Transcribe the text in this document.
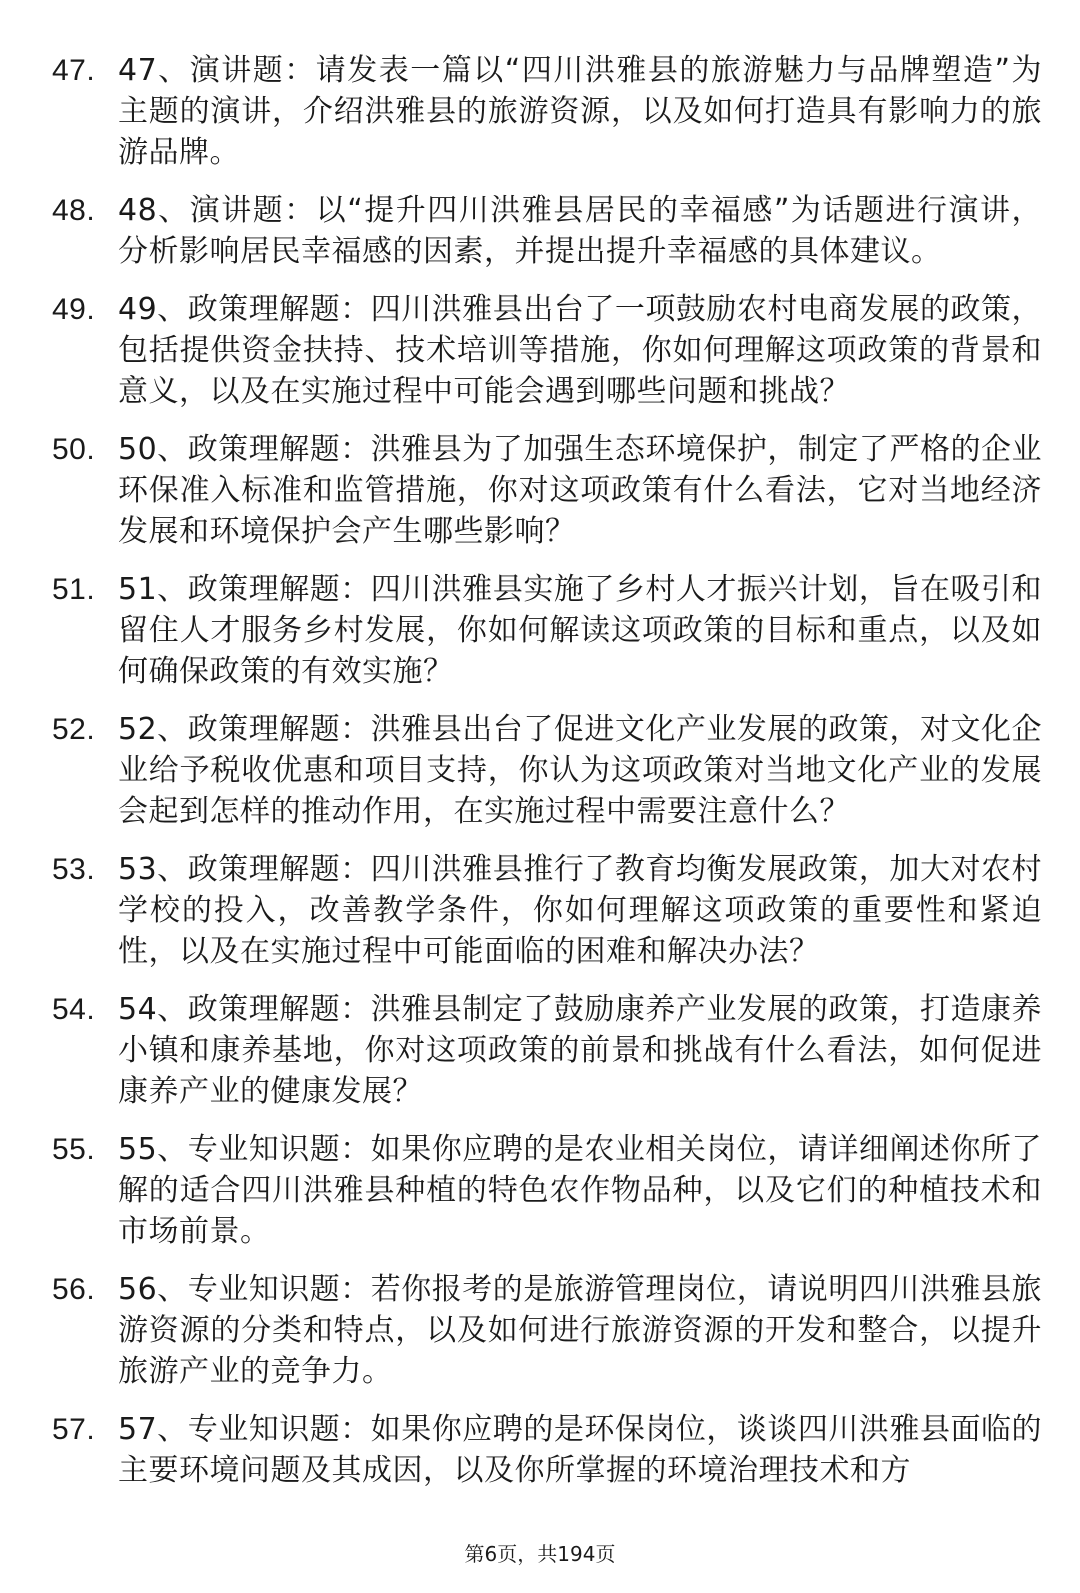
47. 47、演讲题：请发表一篇以“四川洪雅县的旅游魅力与品牌塑造”为主题的演讲，介绍洪雅县的旅游资源，以及如何打造具有影响力的旅游品牌。
48. 48、演讲题：以“提升四川洪雅县居民的幸福感”为话题进行演讲，分析影响居民幸福感的因素，并提出提升幸福感的具体建议。
49. 49、政策理解题：四川洪雅县出台了一项鼓励农村电商发展的政策，包括提供资金扶持、技术培训等措施，你如何理解这项政策的背景和意义，以及在实施过程中可能会遇到哪些问题和挑战？
50. 50、政策理解题：洪雅县为了加强生态环境保护，制定了严格的企业环保准入标准和监管措施，你对这项政策有什么看法，它对当地经济发展和环境保护会产生哪些影响？
51. 51、政策理解题：四川洪雅县实施了乡村人才振兴计划，旨在吸引和留住人才服务乡村发展，你如何解读这项政策的目标和重点，以及如何确保政策的有效实施？
52. 52、政策理解题：洪雅县出台了促进文化产业发展的政策，对文化企业给予税收优惠和项目支持，你认为这项政策对当地文化产业的发展会起到怎样的推动作用，在实施过程中需要注意什么？
53. 53、政策理解题：四川洪雅县推行了教育均衡发展政策，加大对农村学校的投入，改善教学条件，你如何理解这项政策的重要性和紧迫性，以及在实施过程中可能面临的困难和解决办法？
54. 54、政策理解题：洪雅县制定了鼓励康养产业发展的政策，打造康养小镇和康养基地，你对这项政策的前景和挑战有什么看法，如何促进康养产业的健康发展？
55. 55、专业知识题：如果你应聘的是农业相关岗位，请详细阐述你所了解的适合四川洪雅县种植的特色农作物品种，以及它们的种植技术和市场前景。
56. 56、专业知识题：若你报考的是旅游管理岗位，请说明四川洪雅县旅游资源的分类和特点，以及如何进行旅游资源的开发和整合，以提升旅游产业的竞争力。
57. 57、专业知识题：如果你应聘的是环保岗位，谈谈四川洪雅县面临的主要环境问题及其成因，以及你所掌握的环境治理技术和方
第6页，共194页
